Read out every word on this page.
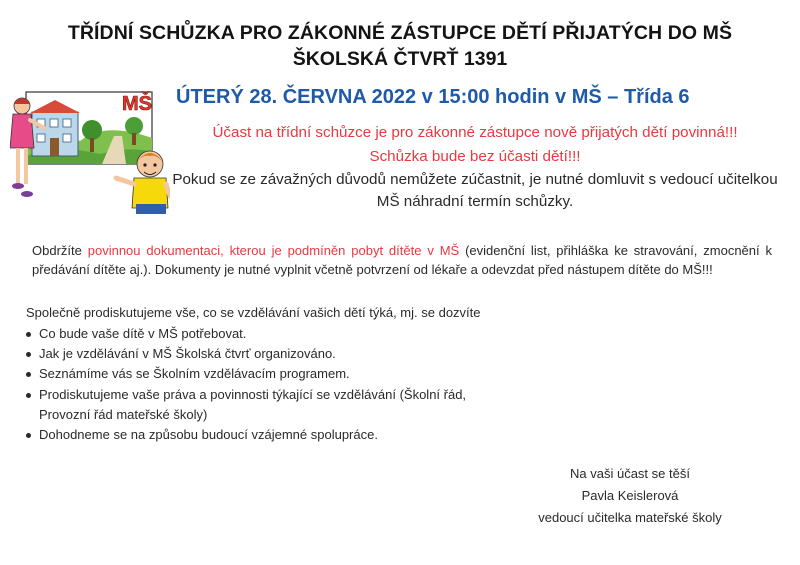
TŘÍDNÍ SCHŮZKA PRO ZÁKONNÉ ZÁSTUPCE DĚTÍ PŘIJATÝCH DO MŠ
ŠKOLSKÁ ČTVRŤ 1391
ÚTERÝ 28. ČERVNA 2022 v 15:00 hodin v MŠ – Třída 6
MŠ
Účast na třídní schůzce je pro zákonné zástupce nově přijatých dětí povinná!!!
Schůzka bude bez účasti dětí!!!
Pokud se ze závažných důvodů nemůžete zúčastnit, je nutné domluvit s vedoucí učitelkou MŠ náhradní termín schůzky.
Obdržíte povinnou dokumentaci, kterou je podmíněn pobyt dítěte v MŠ (evidenční list, přihláška ke stravování, zmocnění k předávání dítěte aj.). Dokumenty je nutné vyplnit včetně potvrzení od lékaře a odevzdat před nástupem dítěte do MŠ!!!
Společně prodiskutujeme vše, co se vzdělávání vašich dětí týká, mj. se dozvíte
Co bude vaše dítě v MŠ potřebovat.
Jak je vzdělávání v MŠ Školská čtvrť organizováno.
Seznámíme vás se Školním vzdělávacím programem.
Prodiskutujeme vaše práva a povinnosti týkající se vzdělávání (Školní řád,
Provozní řád mateřské školy)
Dohodneme se na způsobu budoucí vzájemné spolupráce.
Na vaši účast se těší
Pavla Keislerová
vedoucí učitelka mateřské školy
